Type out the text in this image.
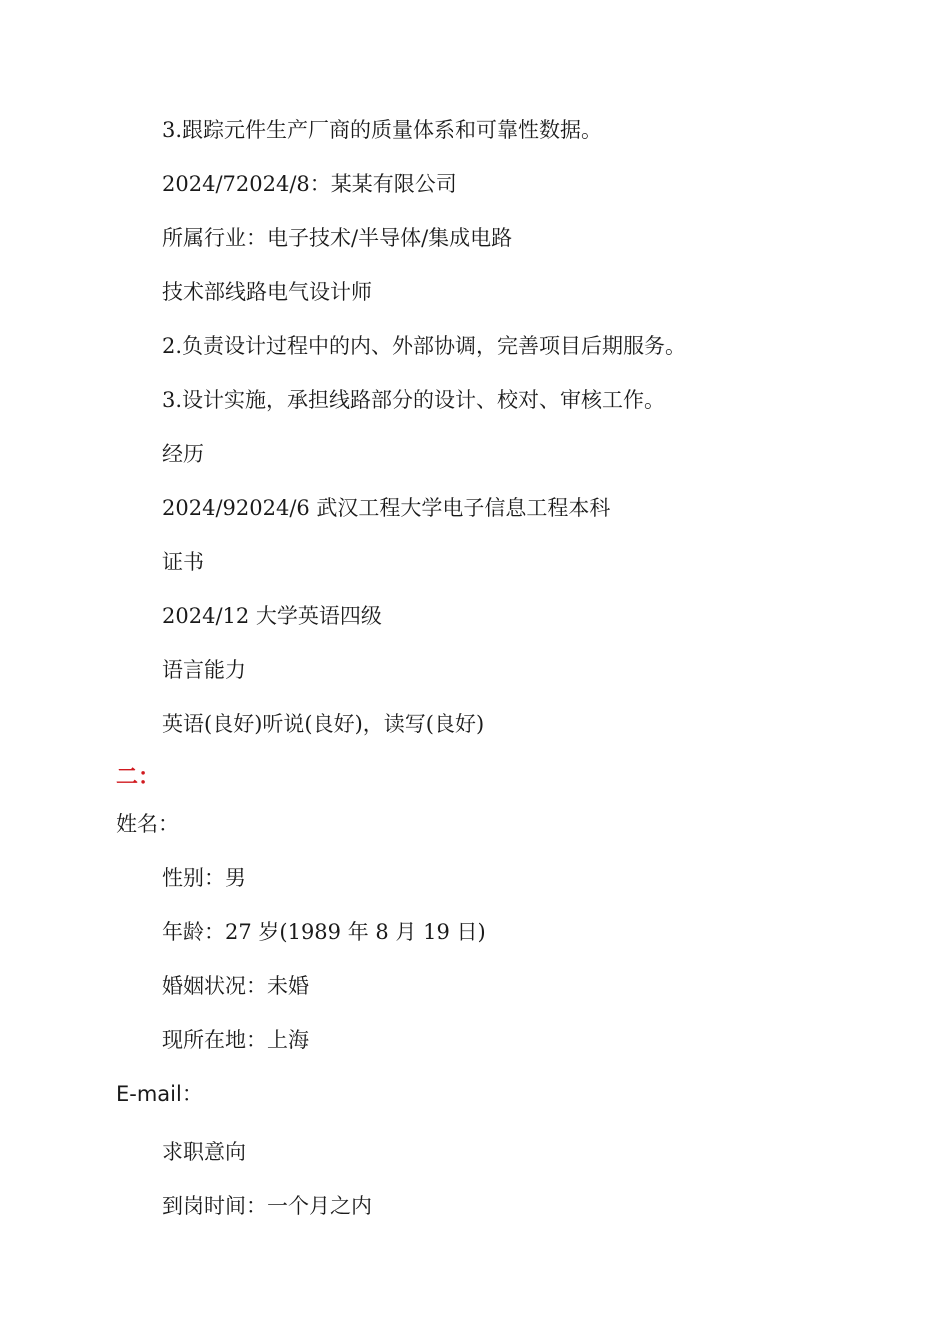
3.跟踪元件生产厂商的质量体系和可靠性数据。
2024/72024/8：某某有限公司
所属行业：电子技术/半导体/集成电路
技术部线路电气设计师
2.负责设计过程中的内、外部协调，完善项目后期服务。
3.设计实施，承担线路部分的设计、校对、审核工作。
经历
2024/92024/6 武汉工程大学电子信息工程本科
证书
2024/12 大学英语四级
语言能力
英语(良好)听说(良好)，读写(良好)
二：
姓名：
性别：男
年龄：27 岁(1989 年 8 月 19 日)
婚姻状况：未婚
现所在地：上海
E-mail：
求职意向
到岗时间：一个月之内
